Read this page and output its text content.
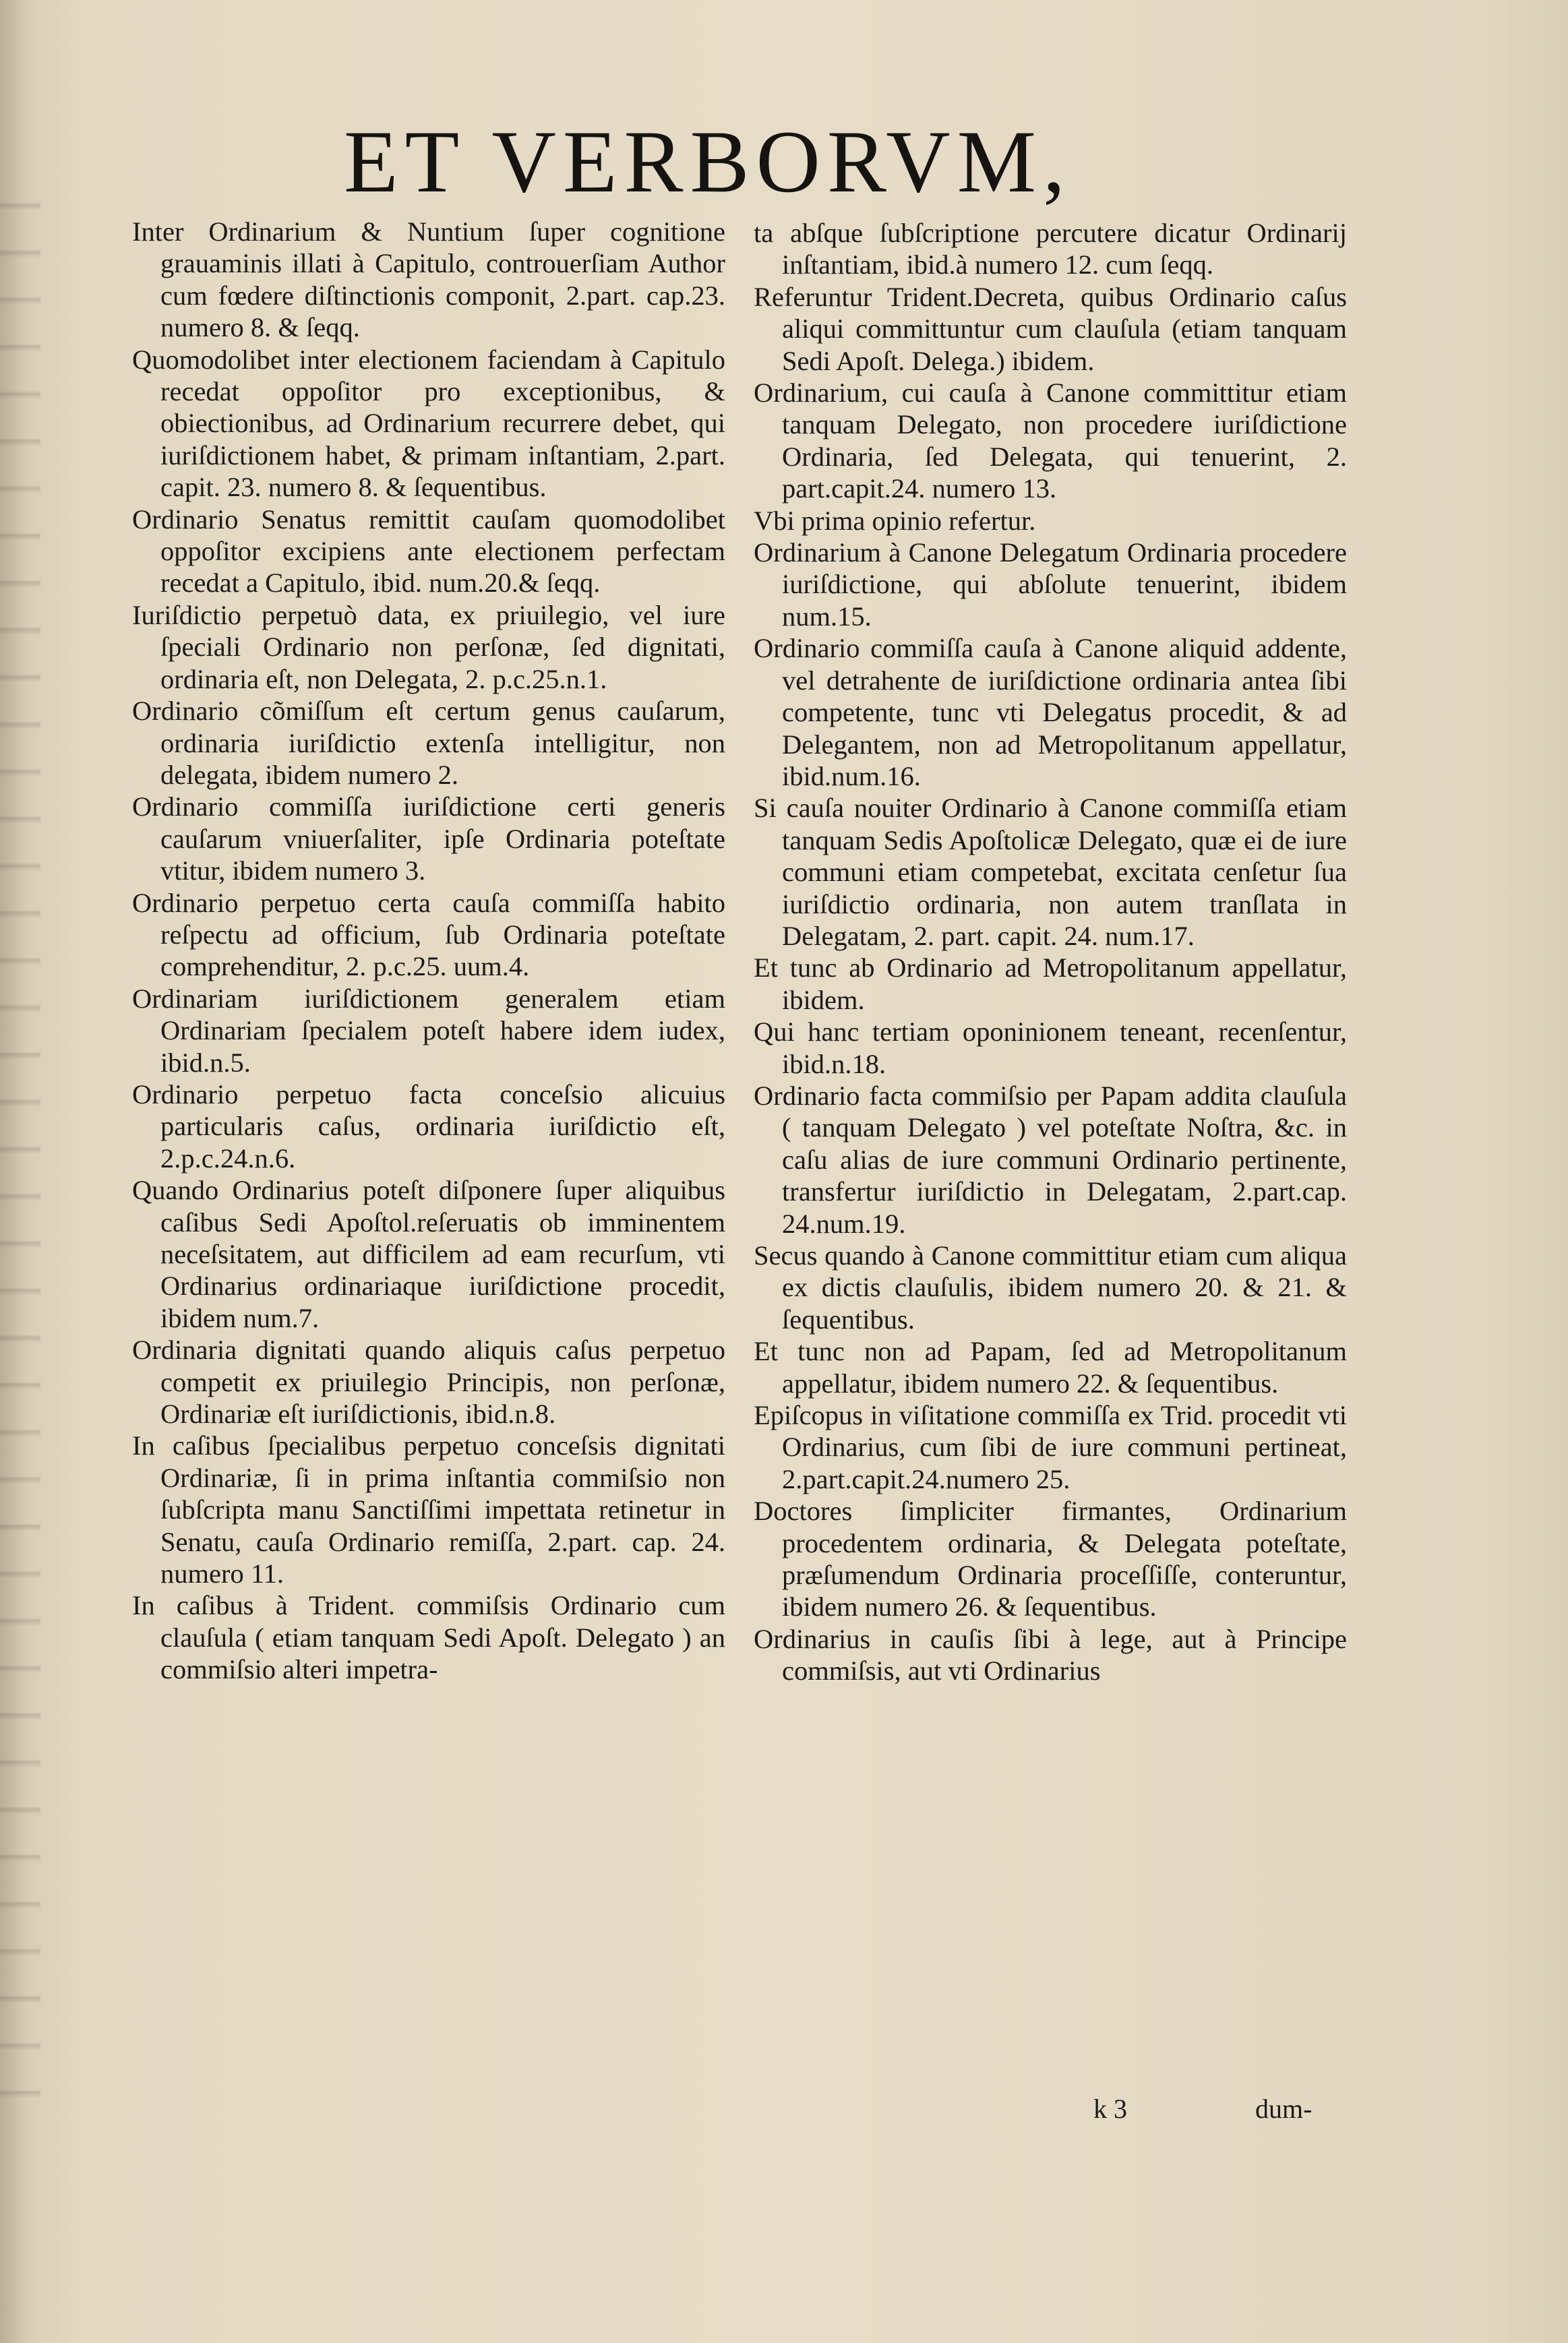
ET VERBORVM,

Inter Ordinarium & Nuntium ſuper cognitione grauaminis illati à Capitulo, controuerſiam Author cum fœdere diſtinctionis componit, 2.part. cap.23. numero 8. & ſeqq.

Quomodolibet inter electionem faciendam à Capitulo recedat oppoſitor pro exceptionibus, & obiectionibus, ad Ordinarium recurrere debet, qui iuriſdictionem habet, & primam inſtantiam, 2.part. capit. 23. numero 8. & ſequentibus.

Ordinario Senatus remittit cauſam quomodolibet oppoſitor excipiens ante electionem perfectam recedat a Capitulo, ibid. num.20.& ſeqq.

Iuriſdictio perpetuò data, ex priuilegio, vel iure ſpeciali Ordinario non perſonæ, ſed dignitati, ordinaria eſt, non Delegata, 2. p.c.25.n.1.

Ordinario cõmiſſum eſt certum genus cauſarum, ordinaria iuriſdictio extenſa intelligitur, non delegata, ibidem numero 2.

Ordinario commiſſa iuriſdictione certi generis cauſarum vniuerſaliter, ipſe Ordinaria poteſtate vtitur, ibidem numero 3.

Ordinario perpetuo certa cauſa commiſſa habito reſpectu ad officium, ſub Ordinaria poteſtate comprehenditur, 2. p.c.25. uum.4.

Ordinariam iuriſdictionem generalem etiam Ordinariam ſpecialem poteſt habere idem iudex, ibid.n.5.

Ordinario perpetuo facta conceſsio alicuius particularis caſus, ordinaria iuriſdictio eſt, 2.p.c.24.n.6.

Quando Ordinarius poteſt diſponere ſuper aliquibus caſibus Sedi Apoſtol.reſeruatis ob imminentem neceſsitatem, aut difficilem ad eam recurſum, vti Ordinarius ordinariaque iuriſdictione procedit, ibidem num.7.

Ordinaria dignitati quando aliquis caſus perpetuo competit ex priuilegio Principis, non perſonæ, Ordinariæ eſt iuriſdictionis, ibid.n.8.

In caſibus ſpecialibus perpetuo conceſsis dignitati Ordinariæ, ſi in prima inſtantia commiſsio non ſubſcripta manu Sanctiſſimi impettata retinetur in Senatu, cauſa Ordinario remiſſa, 2.part. cap. 24. numero 11.

In caſibus à Trident. commiſsis Ordinario cum clauſula ( etiam tanquam Sedi Apoſt. Delegato ) an commiſsio alteri impetra-

ta abſque ſubſcriptione percutere dicatur Ordinarij inſtantiam, ibid.à numero 12. cum ſeqq.

Referuntur Trident.Decreta, quibus Ordinario caſus aliqui committuntur cum clauſula (etiam tanquam Sedi Apoſt. Delega.) ibidem.

Ordinarium, cui cauſa à Canone committitur etiam tanquam Delegato, non procedere iuriſdictione Ordinaria, ſed Delegata, qui tenuerint, 2. part.capit.24. numero 13.

Vbi prima opinio refertur.

Ordinarium à Canone Delegatum Ordinaria procedere iuriſdictione, qui abſolute tenuerint, ibidem num.15.

Ordinario commiſſa cauſa à Canone aliquid addente, vel detrahente de iuriſdictione ordinaria antea ſibi competente, tunc vti Delegatus procedit, & ad Delegantem, non ad Metropolitanum appellatur, ibid.num.16.

Si cauſa nouiter Ordinario à Canone commiſſa etiam tanquam Sedis Apoſtolicæ Delegato, quæ ei de iure communi etiam competebat, excitata cenſetur ſua iuriſdictio ordinaria, non autem tranſlata in Delegatam, 2. part. capit. 24. num.17.

Et tunc ab Ordinario ad Metropolitanum appellatur, ibidem.

Qui hanc tertiam oponinionem teneant, recenſentur, ibid.n.18.

Ordinario facta commiſsio per Papam addita clauſula ( tanquam Delegato ) vel poteſtate Noſtra, &c. in caſu alias de iure communi Ordinario pertinente, transfertur iuriſdictio in Delegatam, 2.part.cap. 24.num.19.

Secus quando à Canone committitur etiam cum aliqua ex dictis clauſulis, ibidem numero 20. & 21. & ſequentibus.

Et tunc non ad Papam, ſed ad Metropolitanum appellatur, ibidem numero 22. & ſequentibus.

Epiſcopus in viſitatione commiſſa ex Trid. procedit vti Ordinarius, cum ſibi de iure communi pertineat, 2.part.capit.24.numero 25.

Doctores ſimpliciter firmantes, Ordinarium procedentem ordinaria, & Delegata poteſtate, præſumendum Ordinaria proceſſiſſe, conteruntur, ibidem numero 26. & ſequentibus.

Ordinarius in cauſis ſibi à lege, aut à Principe commiſsis, aut vti Ordinarius

k 3	dum-
